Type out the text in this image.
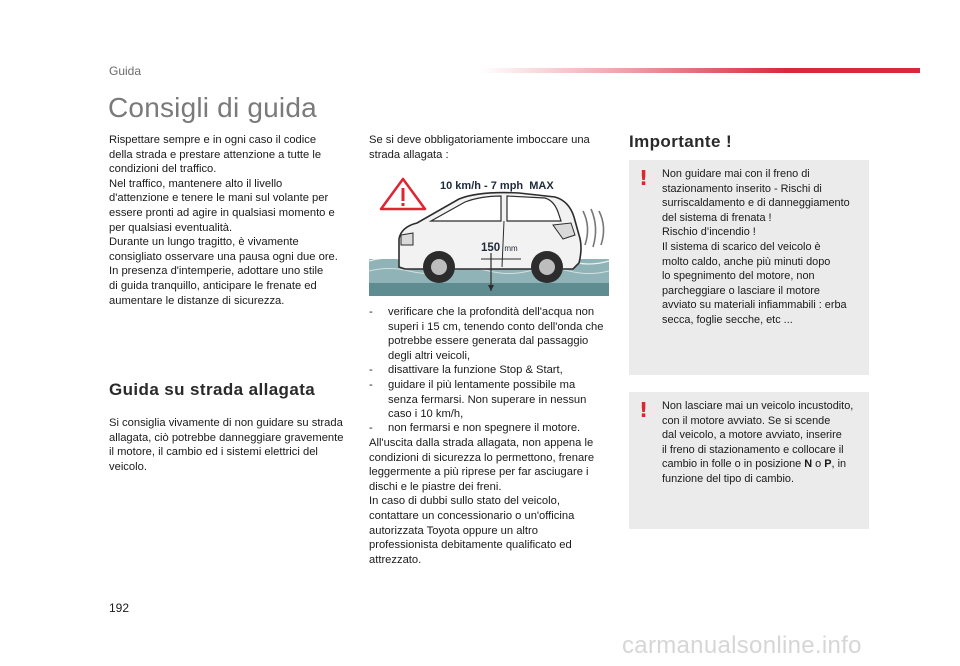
Guida
Consigli di guida
Rispettare sempre e in ogni caso il codice
della strada e prestare attenzione a tutte le
condizioni del traffico.
Nel traffico, mantenere alto il livello
d'attenzione e tenere le mani sul volante per
essere pronti ad agire in qualsiasi momento e
per qualsiasi eventualità.
Durante un lungo tragitto, è vivamente
consigliato osservare una pausa ogni due ore.
In presenza d'intemperie, adottare uno stile
di guida tranquillo, anticipare le frenate ed
aumentare le distanze di sicurezza.
Guida su strada allagata
Si consiglia vivamente di non guidare su strada
allagata, ciò potrebbe danneggiare gravemente
il motore, il cambio ed i sistemi elettrici del
veicolo.
Se si deve obbligatoriamente imboccare una
strada allagata :
10 km/h - 7 mph  MAX
150 mm
- verificare che la profondità dell'acqua non
superi i 15 cm, tenendo conto dell'onda che
potrebbe essere generata dal passaggio
degli altri veicoli,
- disattivare la funzione Stop & Start,
- guidare il più lentamente possibile ma
senza fermarsi. Non superare in nessun
caso i 10 km/h,
- non fermarsi e non spegnere il motore.
All'uscita dalla strada allagata, non appena le
condizioni di sicurezza lo permettono, frenare
leggermente a più riprese per far asciugare i
dischi e le piastre dei freni.
In caso di dubbi sullo stato del veicolo,
contattare un concessionario o un'officina
autorizzata Toyota oppure un altro
professionista debitamente qualificato ed
attrezzato.
Importante !
! Non guidare mai con il freno di
stazionamento inserito - Rischi di
surriscaldamento e di danneggiamento
del sistema di frenata !
Rischio d’incendio !
Il sistema di scarico del veicolo è
molto caldo, anche più minuti dopo
lo spegnimento del motore, non
parcheggiare o lasciare il motore
avviato su materiali infiammabili : erba
secca, foglie secche, etc ...
! Non lasciare mai un veicolo incustodito,
con il motore avviato. Se si scende
dal veicolo, a motore avviato, inserire
il freno di stazionamento e collocare il
cambio in folle o in posizione N o P, in
funzione del tipo di cambio.
192
carmanualsonline.info
